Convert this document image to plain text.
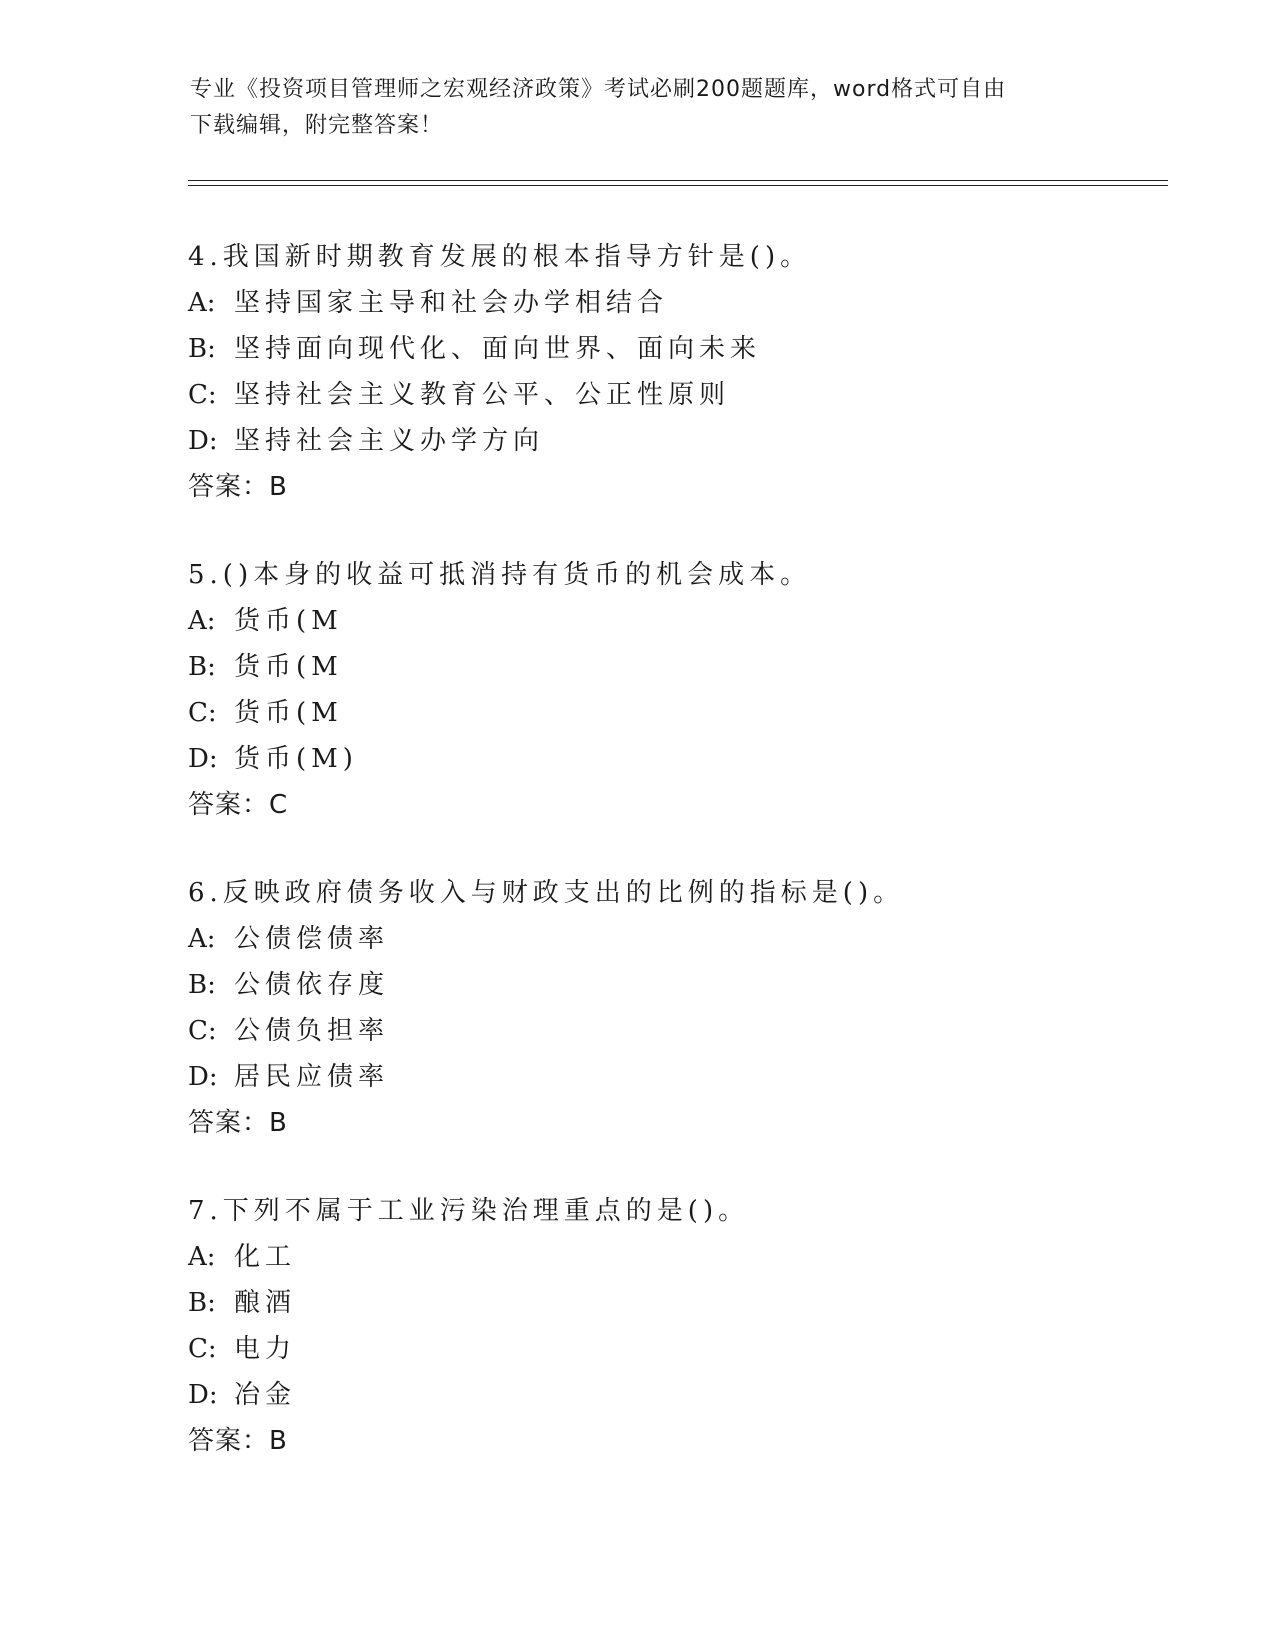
专业《投资项目管理师之宏观经济政策》考试必刷200题题库，word格式可自由
下载编辑，附完整答案！
4.我国新时期教育发展的根本指导方针是()。
A: 坚持国家主导和社会办学相结合
B: 坚持面向现代化、面向世界、面向未来
C: 坚持社会主义教育公平、公正性原则
D: 坚持社会主义办学方向
答案：B
5.()本身的收益可抵消持有货币的机会成本。
A: 货币(M
B: 货币(M
C: 货币(M
D: 货币(M)
答案：C
6.反映政府债务收入与财政支出的比例的指标是()。
A: 公债偿债率
B: 公债依存度
C: 公债负担率
D: 居民应债率
答案：B
7.下列不属于工业污染治理重点的是()。
A: 化工
B: 酿酒
C: 电力
D: 冶金
答案：B
